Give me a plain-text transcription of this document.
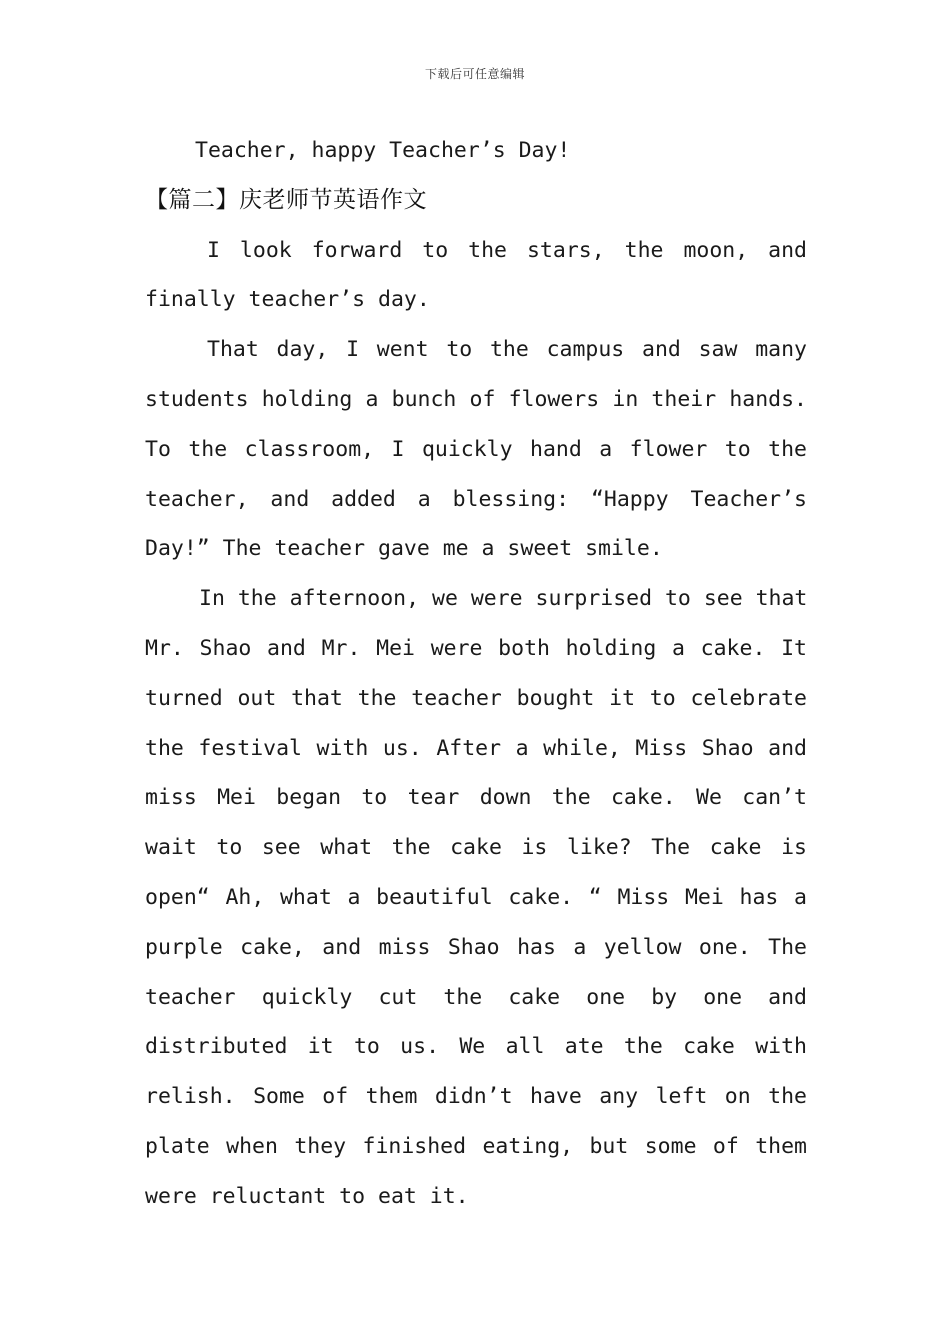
下载后可任意编辑
Teacher, happy Teacher’s Day!
【篇二】庆老师节英语作文
I look forward to the stars, the moon, and
finally teacher’s day.
That day, I went to the campus and saw many
students holding a bunch of flowers in their hands.
To the classroom, I quickly hand a flower to the
teacher, and added a blessing: “Happy Teacher’s
Day!” The teacher gave me a sweet smile.
In the afternoon, we were surprised to see that
Mr. Shao and Mr. Mei were both holding a cake. It
turned out that the teacher bought it to celebrate
the festival with us. After a while, Miss Shao and
miss Mei began to tear down the cake. We can’t
wait to see what the cake is like? The cake is
open“ Ah, what a beautiful cake. “ Miss Mei has a
purple cake, and miss Shao has a yellow one. The
teacher quickly cut the cake one by one and
distributed it to us. We all ate the cake with
relish. Some of them didn’t have any left on the
plate when they finished eating, but some of them
were reluctant to eat it.
